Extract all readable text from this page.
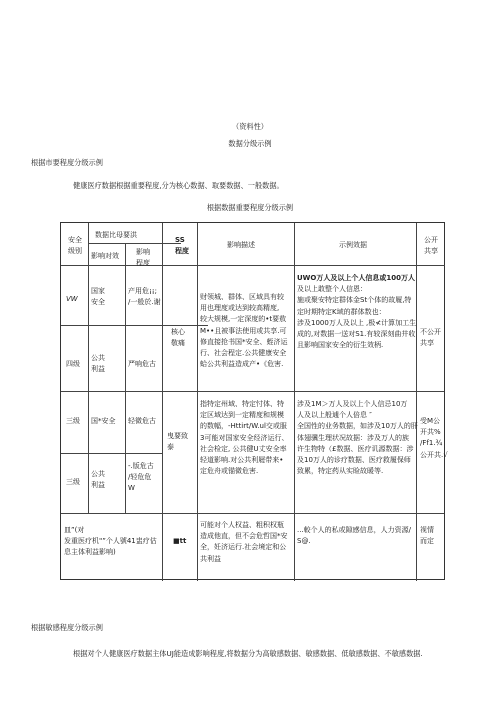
（资料性）
数据分级示例
根据市要程度分级示例
健康医疗数据根据重要程度,分为核心数据、取要数据、一般数据。
根据数据重要程度分级示例
安全
级别
数据比母要洪
影响对效 影响
程度
SS
程度
影响描述	示例效据
公开
共享
VW
国家
安全
产用危¡¡;
/一般於.谢
四级
公共
利益
严响危古
核心
敬痛
财领城、群体、区域具有较
用也理度或达到较高精度,
较大规模,一定深度的•t要敖
M••且被事法使用或共享.可
修直接抢书国*安全、蛭济运
行、社会程定.公共健康安全
蛤公共利益造成产•《危害.
UWO万人及以上个人信息或100万人
及以上敢整个人信恩：
施或聚安特定群体金St个体的故履,特
定时期特定K域的群体数也：
涉及1000万人及以上 ,极≮计算加工生
成的,对数据一送对S1.有较深刻曲井收
且影响国家安全的衍生效柄.
不公开
共享
三级 国*安全 轻微危古
三级
公共
利益
-.版危古
/轻危危
W
曳要致
泰
指特定州域、特定忖体、特
定区域达到一定精度和规模
的数幅，-Httirt/W.ul交或服
3可能对国家安全经济运行、
社会检定, 公共健U丈安全率
轻道影响.对公共利屣带来•
定危舟或锚微危害.
涉及1M＞万人及以上个人信忌10万
人及以上般逋个人倍息 ″
全国性的业务数据，如涉及10万人的肝
体翅骥生理状况故据：涉及万人的族
许生物特（£数据、医疗讥源数据：涉
及10万人的诊疗数据、医疗救履保师
致累，特定药从实睑故暖等.
受M公
开共%
/Ff1.¾
公开共.√
皿”(对
发重医疗机"”个人號41盅疗估
息主体利益影响)
■tt
可能对个人权益、粗积权瓶
造成他直，但不会危哲国*安
全，妊济运行.社会境定和公
共利益
...較个人的私或隙感信息，人力资源/
S@.
视情
而定
根据敏感程度分级示例
根据对个人健康医疗数据主体UJ能造成影响程度,将数据分为高敏感数据、敏感数据、低敏感数据、不敏感数据.
